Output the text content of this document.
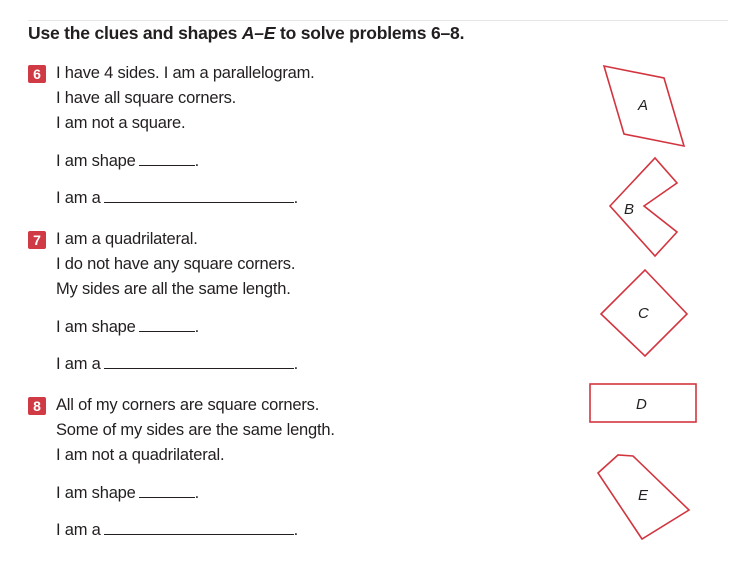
Use the clues and shapes A–E to solve problems 6–8.
6 I have 4 sides. I am a parallelogram.
I have all square corners.
I am not a square.
I am shape	.
I am a	.
7 I am a quadrilateral.
I do not have any square corners.
My sides are all the same length.
I am shape	.
I am a	.
8 All of my corners are square corners.
Some of my sides are the same length.
I am not a quadrilateral.
I am shape	.
I am a	.
A
B
C
D
E
